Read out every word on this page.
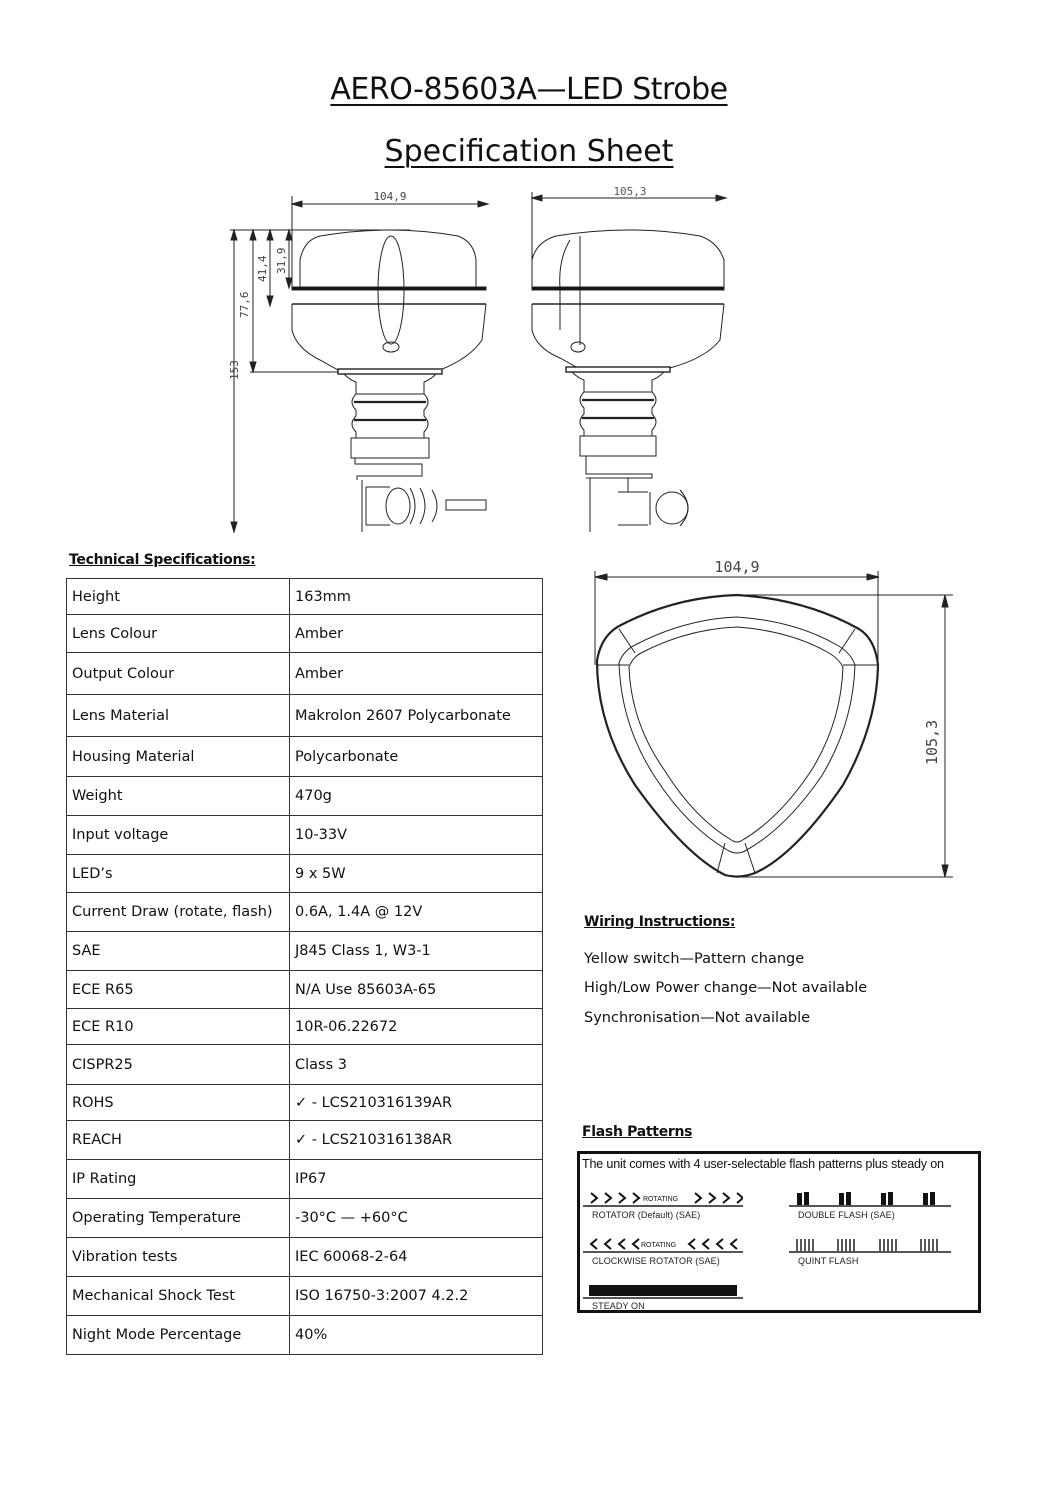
AERO-85603A—LED Strobe
Specification Sheet
104,9
153
77,6
41,4 31,9
105,3
104,9
105,3

Technical Specifications:

Height	163mm
Lens Colour	Amber
Output Colour	Amber
Lens Material	Makrolon 2607 Polycarbonate
Housing Material	Polycarbonate
Weight	470g
Input voltage	10-33V
LED’s	9 x 5W
Current Draw (rotate, flash)	0.6A, 1.4A @ 12V
SAE	J845 Class 1, W3-1
ECE R65	N/A Use 85603A-65
ECE R10	10R-06.22672
CISPR25	Class 3
ROHS	✓ - LCS210316139AR
REACH	✓ - LCS210316138AR
IP Rating	IP67
Operating Temperature	-30°C — +60°C
Vibration tests	IEC 60068-2-64
Mechanical Shock Test	ISO 16750-3:2007 4.2.2
Night Mode Percentage	40%

Wiring Instructions:

Yellow switch—Pattern change
High/Low Power change—Not available
Synchronisation—Not available

Flash Patterns

The unit comes with 4 user-selectable flash patterns plus steady on
ROTATING
ROTATOR (Default) (SAE)	DOUBLE FLASH (SAE)
ROTATING
CLOCKWISE ROTATOR (SAE)	QUINT FLASH
STEADY ON
